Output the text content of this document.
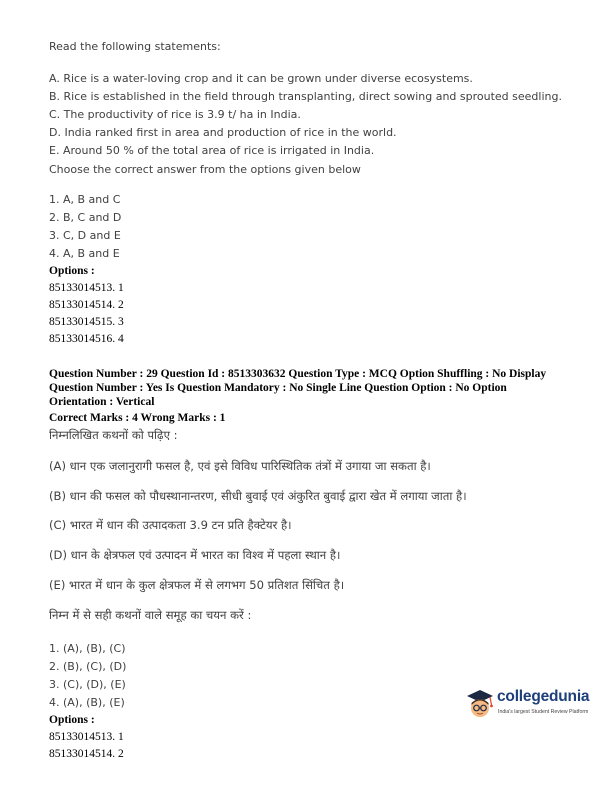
Read the following statements:
A. Rice is a water-loving crop and it can be grown under diverse ecosystems.
B. Rice is established in the field through transplanting, direct sowing and sprouted seedling.
C. The productivity of rice is 3.9 t/ ha in India.
D. India ranked first in area and production of rice in the world.
E. Around 50 % of the total area of rice is irrigated in India.
Choose the correct answer from the options given below
1. A, B and C
2. B, C and D
3. C, D and E
4. A, B and E
Options :
85133014513. 1
85133014514. 2
85133014515. 3
85133014516. 4
Question Number : 29 Question Id : 8513303632 Question Type : MCQ Option Shuffling : No Display
Question Number : Yes Is Question Mandatory : No Single Line Question Option : No Option
Orientation : Vertical
Correct Marks : 4 Wrong Marks : 1
निम्नलिखित कथनों को पढ़िए :
(A) धान एक जलानुरागी फसल है, एवं इसे विविध पारिस्थितिक तंत्रों में उगाया जा सकता है।
(B) धान की फसल को पौधस्थानान्तरण, सीधी बुवाई एवं अंकुरित बुवाई द्वारा खेत में लगाया जाता है।
(C) भारत में धान की उत्पादकता 3.9 टन प्रति हैक्टेयर है।
(D) धान के क्षेत्रफल एवं उत्पादन में भारत का विश्व में पहला स्थान है।
(E) भारत में धान के कुल क्षेत्रफल में से लगभग 50 प्रतिशत सिंचित है।
निम्न में से सही कथनों वाले समूह का चयन करें :
1. (A), (B), (C)
2. (B), (C), (D)
3. (C), (D), (E)
4. (A), (B), (E)
Options :
85133014513. 1
85133014514. 2
collegedunia
India's largest Student Review Platform
